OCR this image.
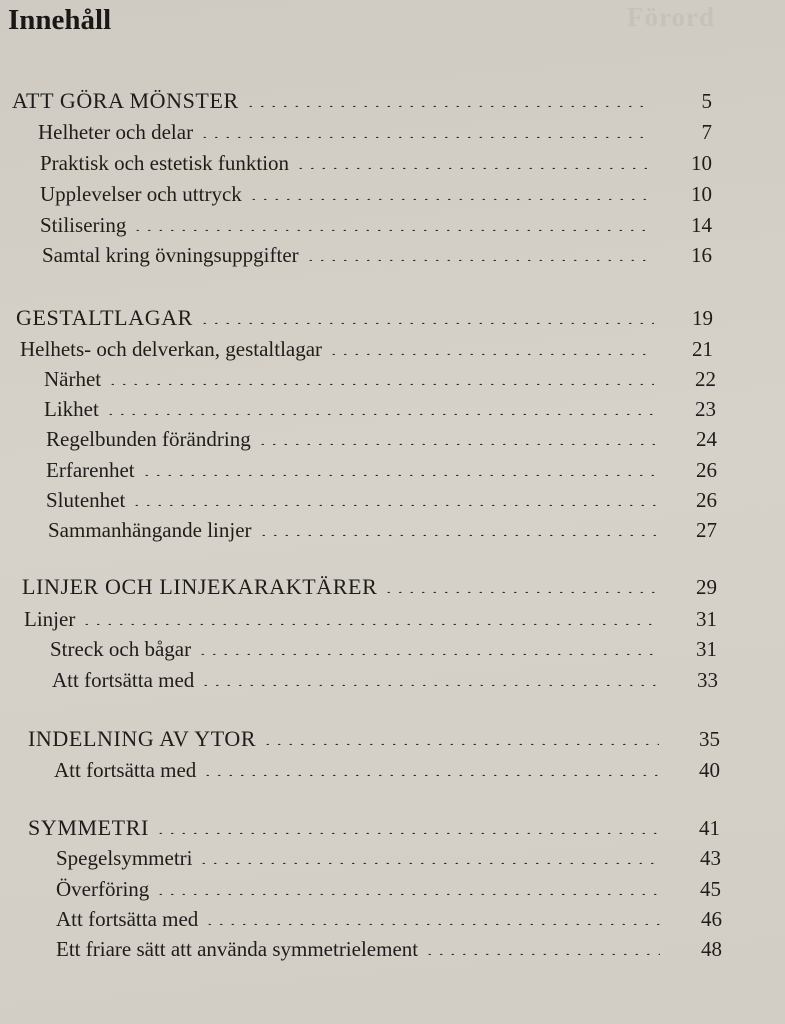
Förord
Innehåll
ATT GÖRA MÖNSTER	5
Helheter och delar	7
Praktisk och estetisk funktion	10
Upplevelser och uttryck	10
Stilisering	14
Samtal kring övningsuppgifter	16
GESTALTLAGAR	19
Helhets- och delverkan, gestaltlagar	21
Närhet	22
Likhet	23
Regelbunden förändring	24
Erfarenhet	26
Slutenhet	26
Sammanhängande linjer	27
LINJER OCH LINJEKARAKTÄRER	29
Linjer	31
Streck och bågar	31
Att fortsätta med	33
INDELNING AV YTOR	35
Att fortsätta med	40
SYMMETRI	41
Spegelsymmetri	43
Överföring	45
Att fortsätta med	46
Ett friare sätt att använda symmetrielement	48
